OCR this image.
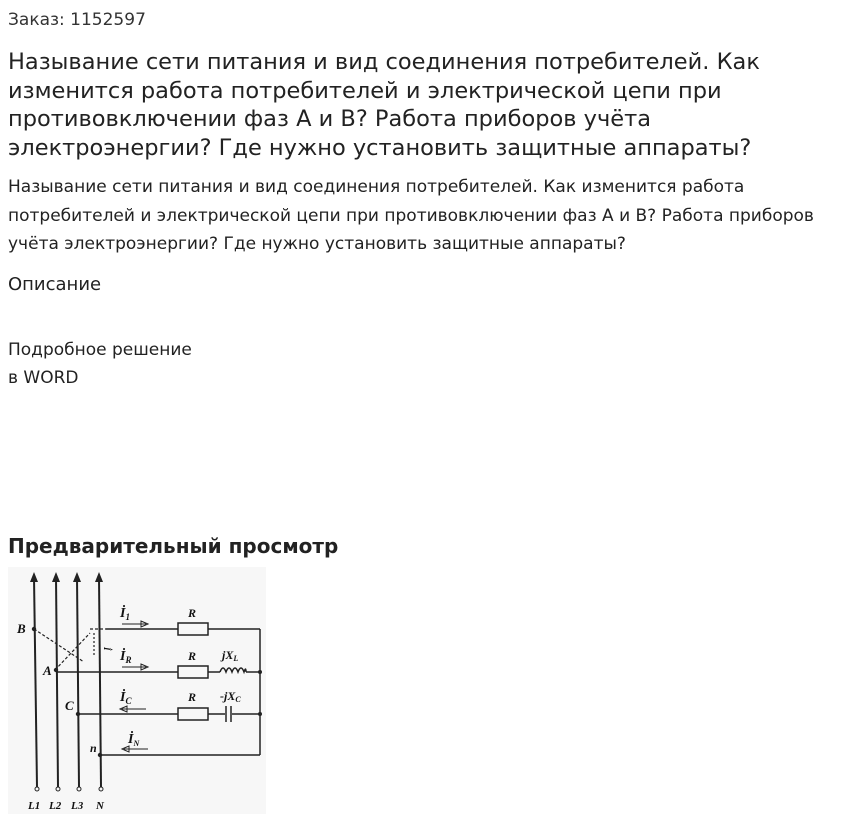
Заказ: 1152597
Называние сети питания и вид соединения потребителей. Как изменится работа потребителей и электрической цепи при противовключении фаз А и В? Работа приборов учёта электроэнергии? Где нужно установить защитные аппараты?

Называние сети питания и вид соединения потребителей. Как изменится работа потребителей и электрической цепи при противовключении фаз А и В? Работа приборов учёта электроэнергии? Где нужно установить защитные аппараты?

Описание
Подробное решение
в WORD
Предварительный просмотр
B
A
C
n
$İ_1$
$İ_R$
$İ_C$
$İ_N$
İ
R
R
R
jXL
-jXC
L1 L2 L3 N
